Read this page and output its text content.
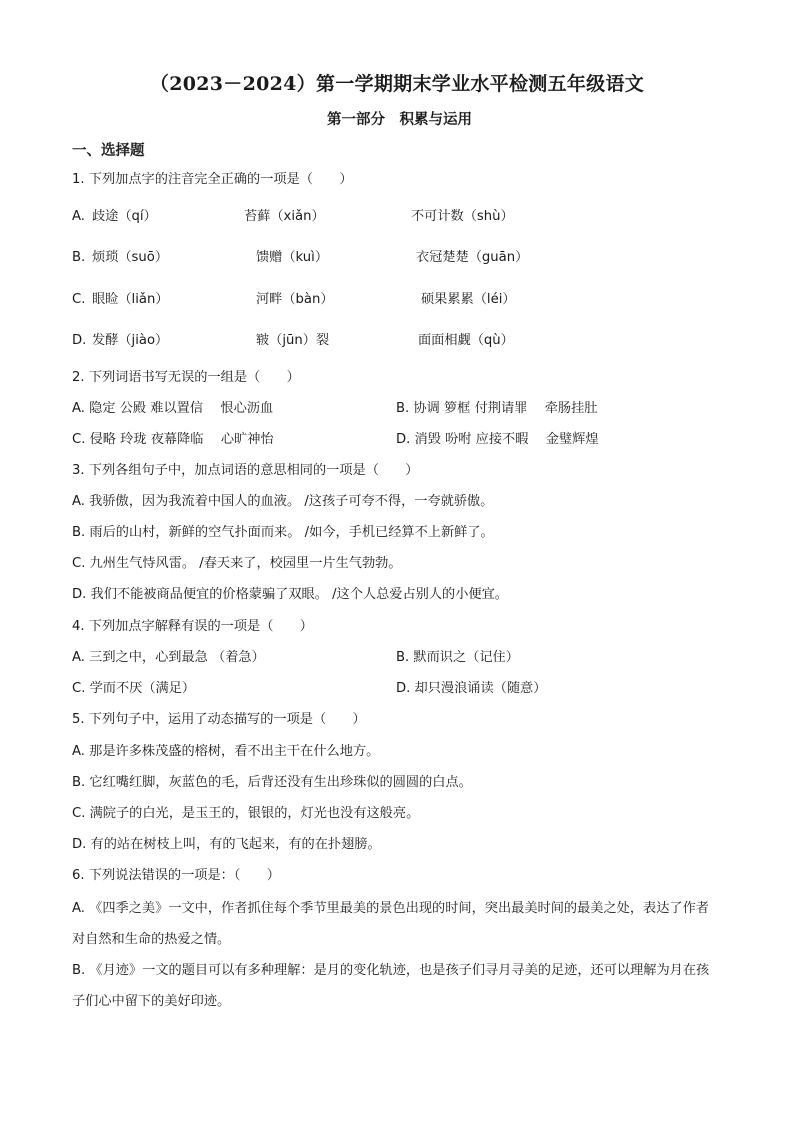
（2023－2024）第一学期期末学业水平检测五年级语文
第一部分　积累与运用
一、选择题
1. 下列加点字的注音完全正确的一项是（　　）
A. 歧途（qí）	苔藓（xiǎn）	不可计数（shù）
B. 烦琐（suō）	馈赠（kuì）	衣冠楚楚（guān）
C. 眼睑（liǎn）	河畔（bàn）	硕果累累（léi）
D. 发酵（jiào）	皲（jūn）裂	面面相觑（qù）
2. 下列词语书写无误的一组是（　　）
A. 隐定 公殿 难以置信　 恨心沥血	B. 协调 箩框 付荆请罪　 牵肠挂肚
C. 侵略 玲珑 夜幕降临　 心旷神怡	D. 消毁 吩咐 应接不暇　 金璧辉煌
3. 下列各组句子中，加点词语的意思相同的一项是（　　）
A. 我骄傲，因为我流着中国人的血液。 /这孩子可夸不得，一夸就骄傲。
B. 雨后的山村，新鲜的空气扑面而来。 /如今，手机已经算不上新鲜了。
C. 九州生气恃风雷。 /春天来了，校园里一片生气勃勃。
D. 我们不能被商品便宜的价格蒙骗了双眼。 /这个人总爱占别人的小便宜。
4. 下列加点字解释有误的一项是（　　）
A. 三到之中，心到最急 （着急）	B. 默而识之（记住）
C. 学而不厌（满足）	D. 却只漫浪诵读（随意）
5. 下列句子中，运用了动态描写的一项是（　　）
A. 那是许多株茂盛的榕树，看不出主干在什么地方。
B. 它红嘴红脚，灰蓝色的毛，后背还没有生出珍珠似的圆圆的白点。
C. 满院子的白光，是玉王的，银银的，灯光也没有这般亮。
D. 有的站在树枝上叫，有的飞起来，有的在扑翅膀。
6. 下列说法错误的一项是：（　　）
A. 《四季之美》一文中，作者抓住每个季节里最美的景色出现的时间，突出最美时间的最美之处，表达了作者对自然和生命的热爱之情。
B. 《月迹》一文的题目可以有多种理解：是月的变化轨迹，也是孩子们寻月寻美的足迹，还可以理解为月在孩子们心中留下的美好印迹。
